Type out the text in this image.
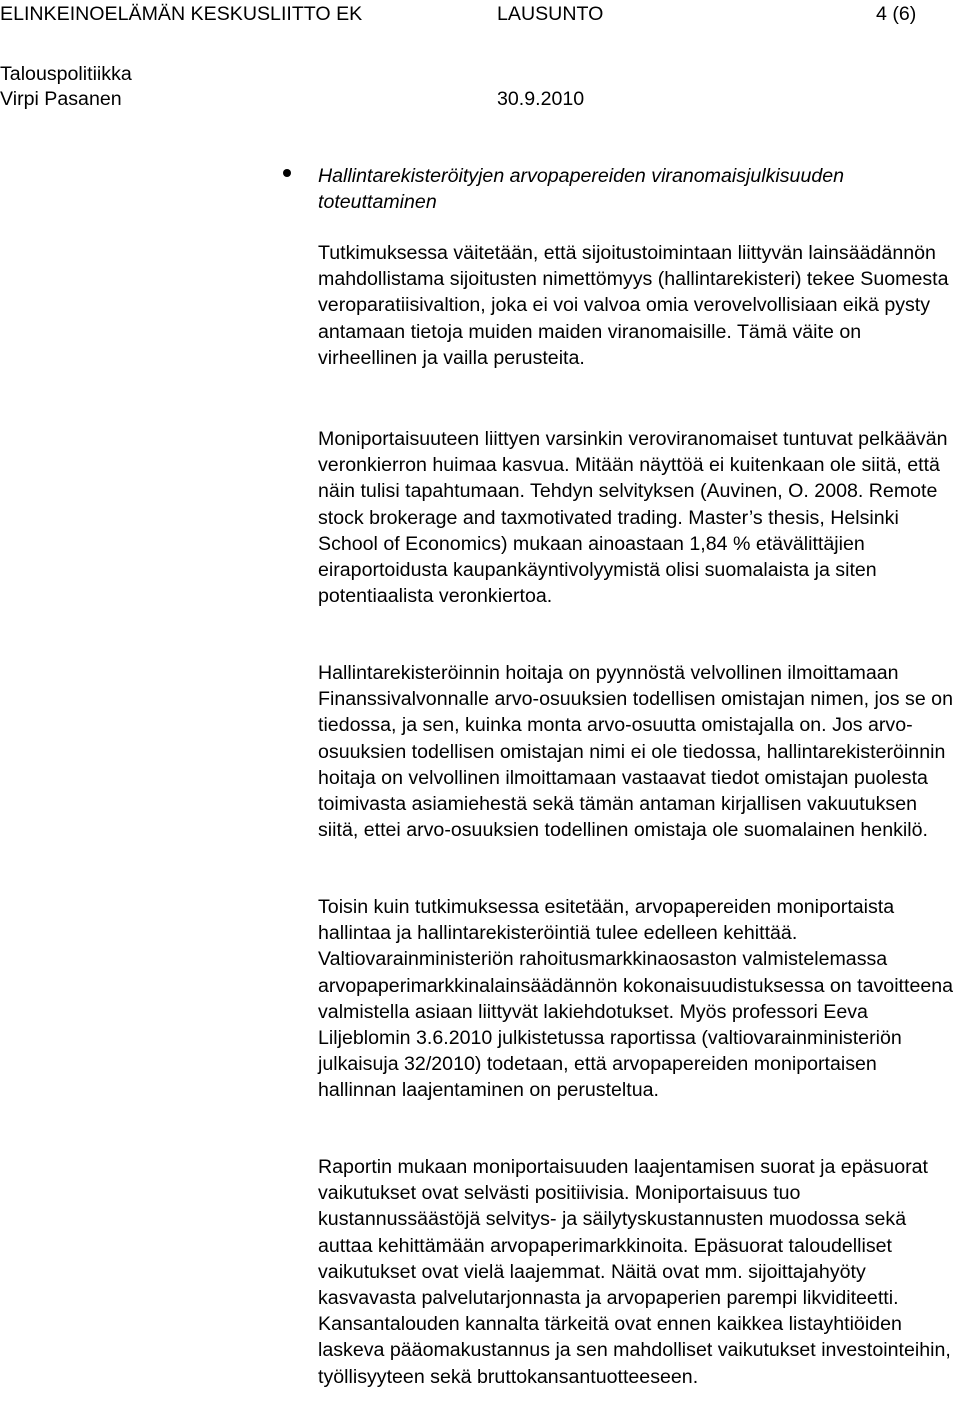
ELINKEINOELÄMÄN KESKUSLIITTO EK	LAUSUNTO	4 (6)
Talouspolitiikka
Virpi Pasanen	30.9.2010

Hallintarekisteröityjen arvopapereiden viranomaisjulkisuuden toteuttaminen

Tutkimuksessa väitetään, että sijoitustoimintaan liittyvän lainsäädännön mahdollistama sijoitusten nimettömyys (hallintarekisteri) tekee Suomesta veroparatiisivaltion, joka ei voi valvoa omia verovelvollisiaan eikä pysty antamaan tietoja muiden maiden viranomaisille. Tämä väite on virheellinen ja vailla perusteita.

Moniportaisuuteen liittyen varsinkin veroviranomaiset tuntuvat pelkäävän veronkierron huimaa kasvua. Mitään näyttöä ei kuitenkaan ole siitä, että näin tulisi tapahtumaan. Tehdyn selvityksen (Auvinen, O. 2008. Remote stock brokerage and taxmotivated trading. Master’s thesis, Helsinki School of Economics) mukaan ainoastaan 1,84 % etävälittäjien eiraportoidusta kaupankäyntivolyymistä olisi suomalaista ja siten potentiaalista veronkiertoa.

Hallintarekisteröinnin hoitaja on pyynnöstä velvollinen ilmoittamaan Finanssivalvonnalle arvo-osuuksien todellisen omistajan nimen, jos se on tiedossa, ja sen, kuinka monta arvo-osuutta omistajalla on. Jos arvo-osuuksien todellisen omistajan nimi ei ole tiedossa, hallintarekisteröinnin hoitaja on velvollinen ilmoittamaan vastaavat tiedot omistajan puolesta toimivasta asiamiehestä sekä tämän antaman kirjallisen vakuutuksen siitä, ettei arvo-osuuksien todellinen omistaja ole suomalainen henkilö.

Toisin kuin tutkimuksessa esitetään, arvopapereiden moniportaista hallintaa ja hallintarekisteröintiä tulee edelleen kehittää. Valtiovarainministeriön rahoitusmarkkinaosaston valmistelemassa arvopaperimarkkinalainsäädännön kokonaisuudistuksessa on tavoitteena valmistella asiaan liittyvät lakiehdotukset. Myös professori Eeva Liljeblomin 3.6.2010 julkistetussa raportissa (valtiovarainministeriön julkaisuja 32/2010) todetaan, että arvopapereiden moniportaisen hallinnan laajentaminen on perusteltua.

Raportin mukaan moniportaisuuden laajentamisen suorat ja epäsuorat vaikutukset ovat selvästi positiivisia. Moniportaisuus tuo kustannussäästöjä selvitys- ja säilytyskustannusten muodossa sekä auttaa kehittämään arvopaperimarkkinoita. Epäsuorat taloudelliset vaikutukset ovat vielä laajemmat. Näitä ovat mm. sijoittajahyöty kasvavasta palvelutarjonnasta ja arvopaperien parempi likviditeetti. Kansantalouden kannalta tärkeitä ovat ennen kaikkea listayhtiöiden laskeva pääomakustannus ja sen mahdolliset vaikutukset investointeihin, työllisyyteen sekä bruttokansantuotteeseen.
